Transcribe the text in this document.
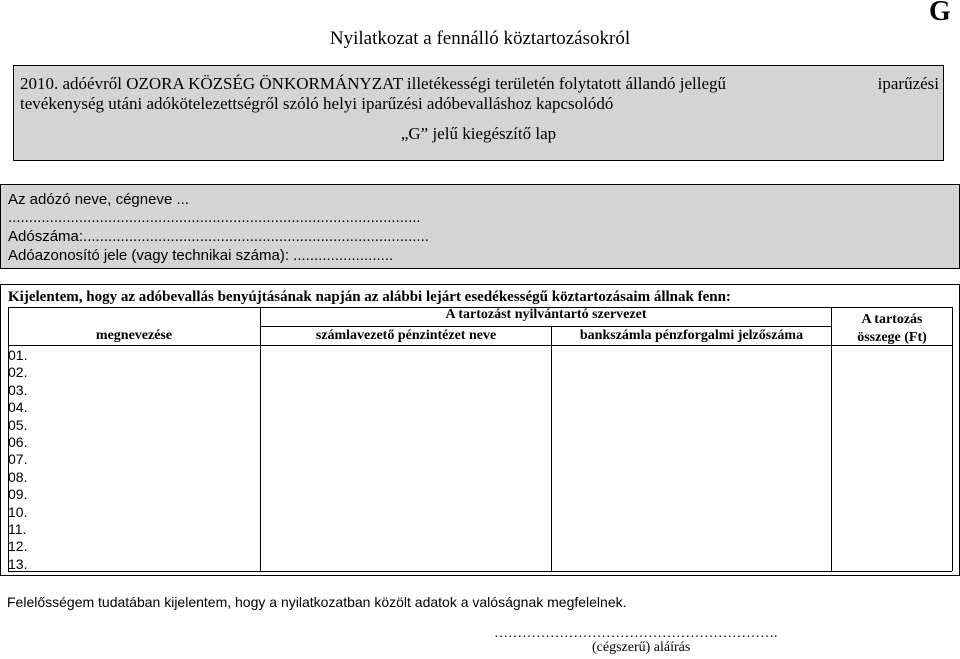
Nyilatkozat a fennálló köztartozásokról
G
2010. adóévről OZORA KÖZSÉG ÖNKORMÁNYZAT illetékességi területén folytatott állandó jellegű	iparűzési
tevékenység utáni adókötelezettségről szóló helyi iparűzési adóbevalláshoz kapcsolódó
„G” jelű kiegészítő lap
Az adózó neve, cégneve ...
...................................................................................................
Adószáma:...................................................................................
Adóazonosító jele (vagy technikai száma): ........................
Kijelentem, hogy az adóbevallás benyújtásának napján az alábbi lejárt esedékességű köztartozásaim állnak fenn:
A tartozást nyilvántartó szervezet
megnevezése	számlavezető pénzintézet neve	bankszámla pénzforgalmi jelzőszáma
A tartozás
összege (Ft)
01.
02.
03.
04.
05.
06.
07.
08.
09.
10.
11.
12.
13.
Felelősségem tudatában kijelentem, hogy a nyilatkozatban közölt adatok a valóságnak megfelelnek.
…………………………………………………….
(cégszerű) aláírás
